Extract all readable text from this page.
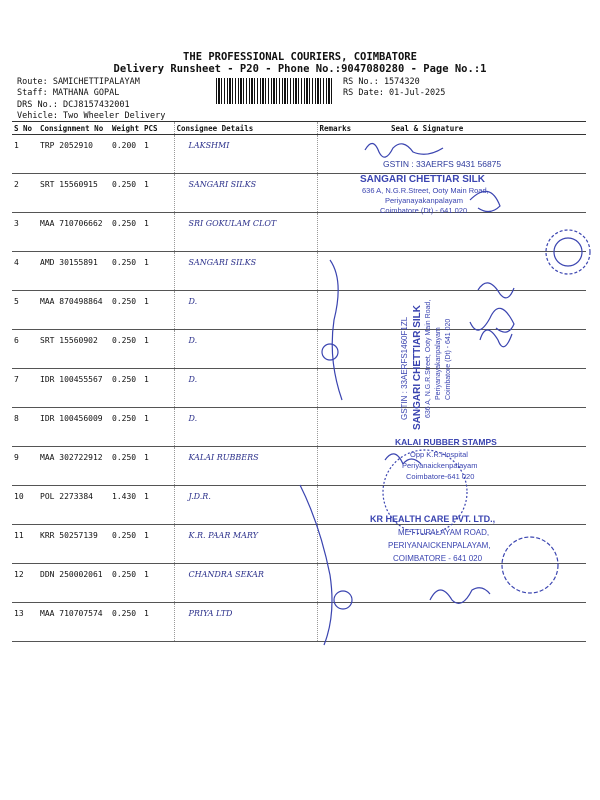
THE PROFESSIONAL COURIERS, COIMBATORE
Delivery Runsheet - P20 - Phone No.:9047080280 - Page No.:1
Route: SAMICHETTIPALAYAM
Staff: MATHANA GOPAL
DRS No.: DCJ8157432001
Vehicle: Two Wheeler Delivery
RS No.: 1574320
RS Date: 01-Jul-2025
S No	Consignment No	Weight	PCS	Consignee Details	Remarks	Seal & Signature
1	TRP 2052910	0.200	1	LAKSHMI		
2	SRT 15560915	0.250	1	SANGARI SILKS		
3	MAA 710706662	0.250	1	SRI GOKULAM CLOT		
4	AMD 30155891	0.250	1	SANGARI SILKS		
5	MAA 870498864	0.250	1	D.		
6	SRT 15560902	0.250	1	D.		
7	IDR 100455567	0.250	1	D.		
8	IDR 100456009	0.250	1	D.		
9	MAA 302722912	0.250	1	KALAI RUBBERS		
10	POL 2273384	1.430	1	J.D.R.		
11	KRR 50257139	0.250	1	K.R. PAAR MARY		
12	DDN 250002061	0.250	1	CHANDRA SEKAR		
13	MAA 710707574	0.250	1	PRIYA LTD		
GSTIN : 33AERFS 9431 56875
SANGARI CHETTIAR SILK
636 A, N.G.R.Street, Ooty Main Road,
Periyanayakanpalayam
Coimbatore (Dt) - 641 020
GSTIN : 33AERFS1460F1ZL SANGARI CHETTIAR SILK 636 A, N.G.R.Street, Ooty Main Road, Periyanayakanpalayam Coimbatore (Dt) - 641 020
KALAI RUBBER STAMPS
Opp K.R.Hospital
Periyanaickenpalayam
Coimbatore-641 020
KR HEALTH CARE PVT. LTD.,
METTUPALAYAM ROAD,
PERIYANAICKENPALAYAM,
COIMBATORE - 641 020
